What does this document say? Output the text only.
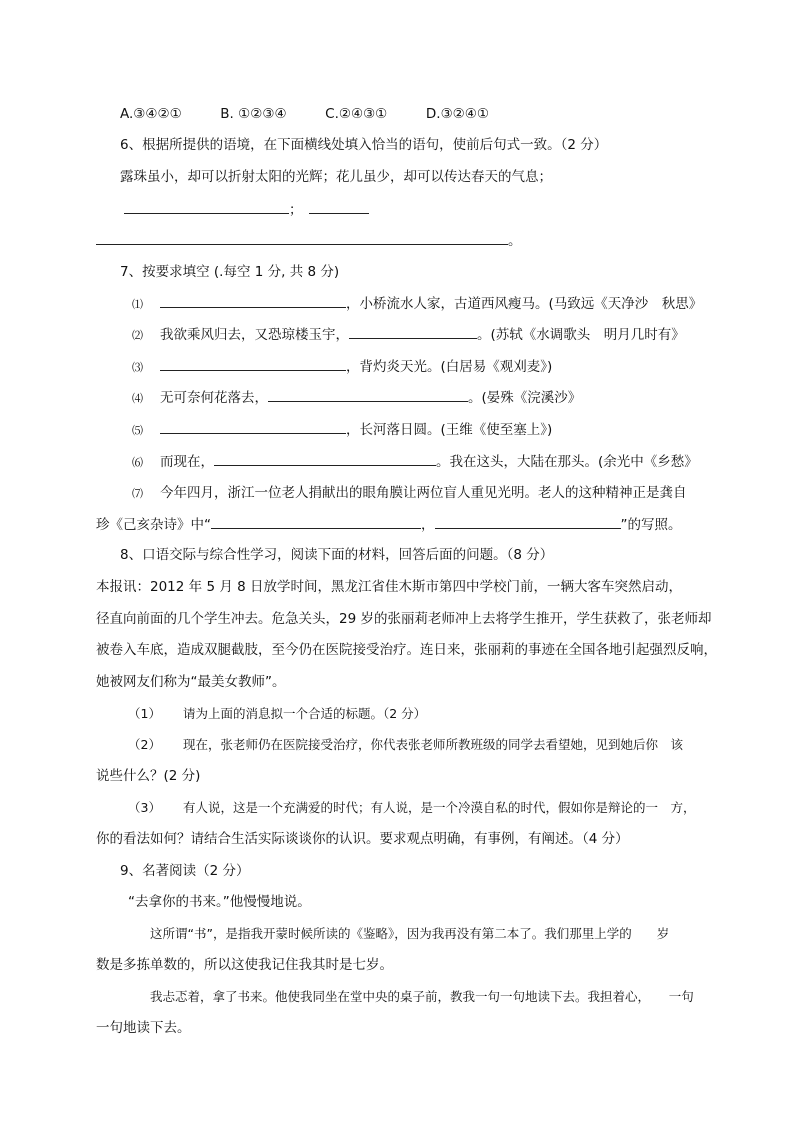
A.③④②①	B. ①②③④	C.②④③①	D.③②④①
6、根据所提供的语境，在下面横线处填入恰当的语句，使前后句式一致。（2 分）
露珠虽小，却可以折射太阳的光辉；花儿虽少，却可以传达春天的气息；
；
。
7、按要求填空 (.每空 1 分, 共 8 分)
⑴	，小桥流水人家，古道西风瘦马。(马致远《天净沙　秋思》
⑵ 我欲乘风归去，又恐琼楼玉宇，	。(苏轼《水调歌头　明月几时有》
⑶	，背灼炎天光。(白居易《观刈麦》)
⑷ 无可奈何花落去，	。(晏殊《浣溪沙》
⑸	，长河落日圆。(王维《使至塞上》)
⑹ 而现在，	。我在这头，大陆在那头。(余光中《乡愁》
⑺ 今年四月，浙江一位老人捐献出的眼角膜让两位盲人重见光明。老人的这种精神正是龚自
珍《己亥杂诗》中“	，	”的写照。
8、口语交际与综合性学习，阅读下面的材料，回答后面的问题。（8 分）
本报讯：2012 年 5 月 8 日放学时间，黑龙江省佳木斯市第四中学校门前，一辆大客车突然启动，
径直向前面的几个学生冲去。危急关头，29 岁的张丽莉老师冲上去将学生推开，学生获救了，张老师却
被卷入车底，造成双腿截肢，至今仍在医院接受治疗。连日来，张丽莉的事迹在全国各地引起强烈反响，
她被网友们称为“最美女教师”。
（1） 请为上面的消息拟一个合适的标题。（2 分）
（2） 现在，张老师仍在医院接受治疗，你代表张老师所教班级的同学去看望她，见到她后你　该
说些什么？(2 分)
（3） 有人说，这是一个充满爱的时代；有人说，是一个冷漠自私的时代，假如你是辩论的一　方，
你的看法如何？请结合生活实际谈谈你的认识。要求观点明确，有事例，有阐述。（4 分）
9、名著阅读（2 分）
“去拿你的书来。”他慢慢地说。
这所谓“书”，是指我开蒙时候所读的《鉴略》，因为我再没有第二本了。我们那里上学的　　岁
数是多拣单数的，所以这使我记住我其时是七岁。
我忐忑着，拿了书来。他使我同坐在堂中央的桌子前，教我一句一句地读下去。我担着心，　　一句
一句地读下去。
